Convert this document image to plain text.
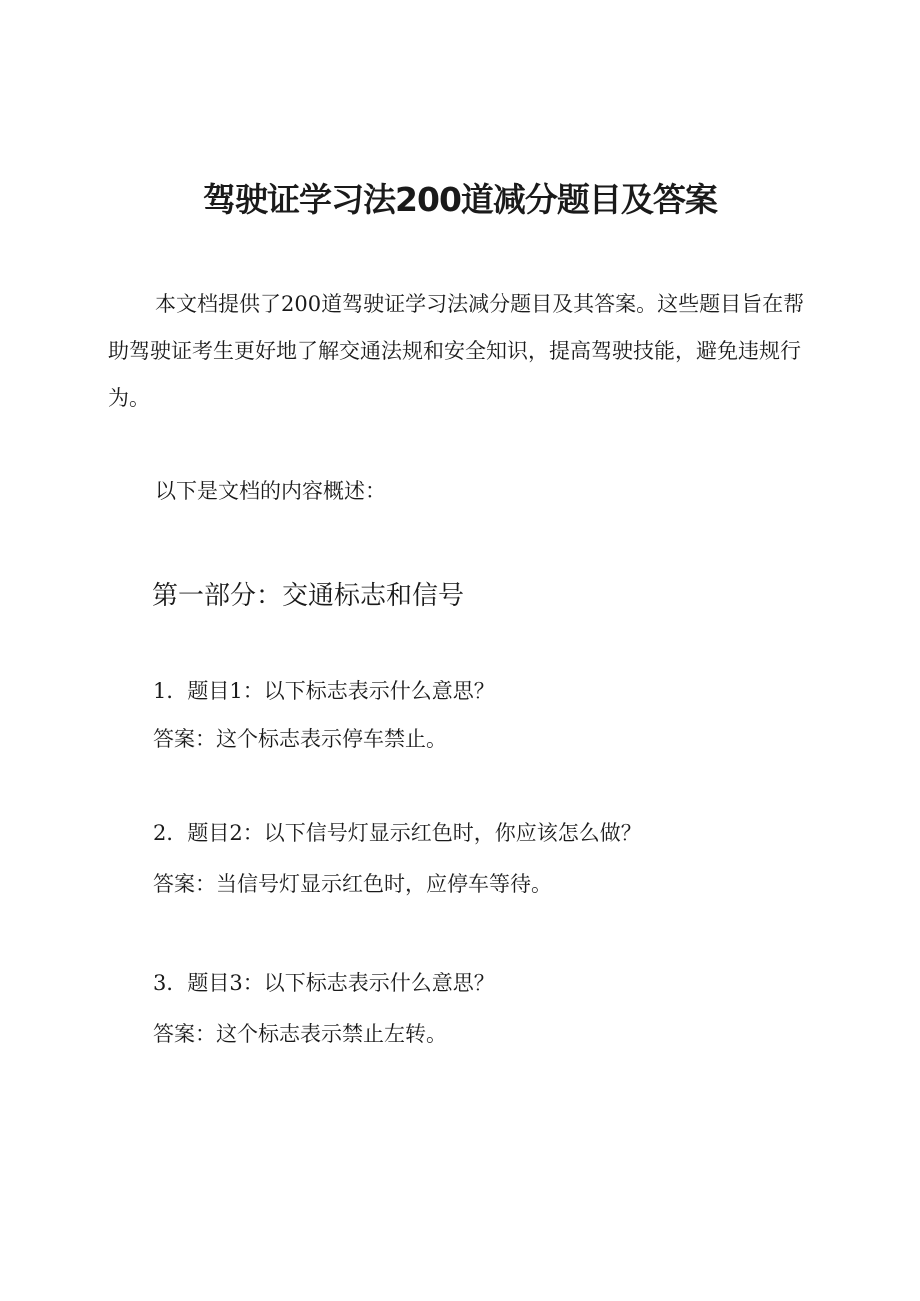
驾驶证学习法200道减分题目及答案

本文档提供了200道驾驶证学习法减分题目及其答案。这些题目旨在帮助驾驶证考生更好地了解交通法规和安全知识，提高驾驶技能，避免违规行为。

以下是文档的内容概述：

第一部分：交通标志和信号

1．题目1：以下标志表示什么意思？

答案：这个标志表示停车禁止。

2．题目2：以下信号灯显示红色时，你应该怎么做？

答案：当信号灯显示红色时，应停车等待。

3．题目3：以下标志表示什么意思？

答案：这个标志表示禁止左转。
